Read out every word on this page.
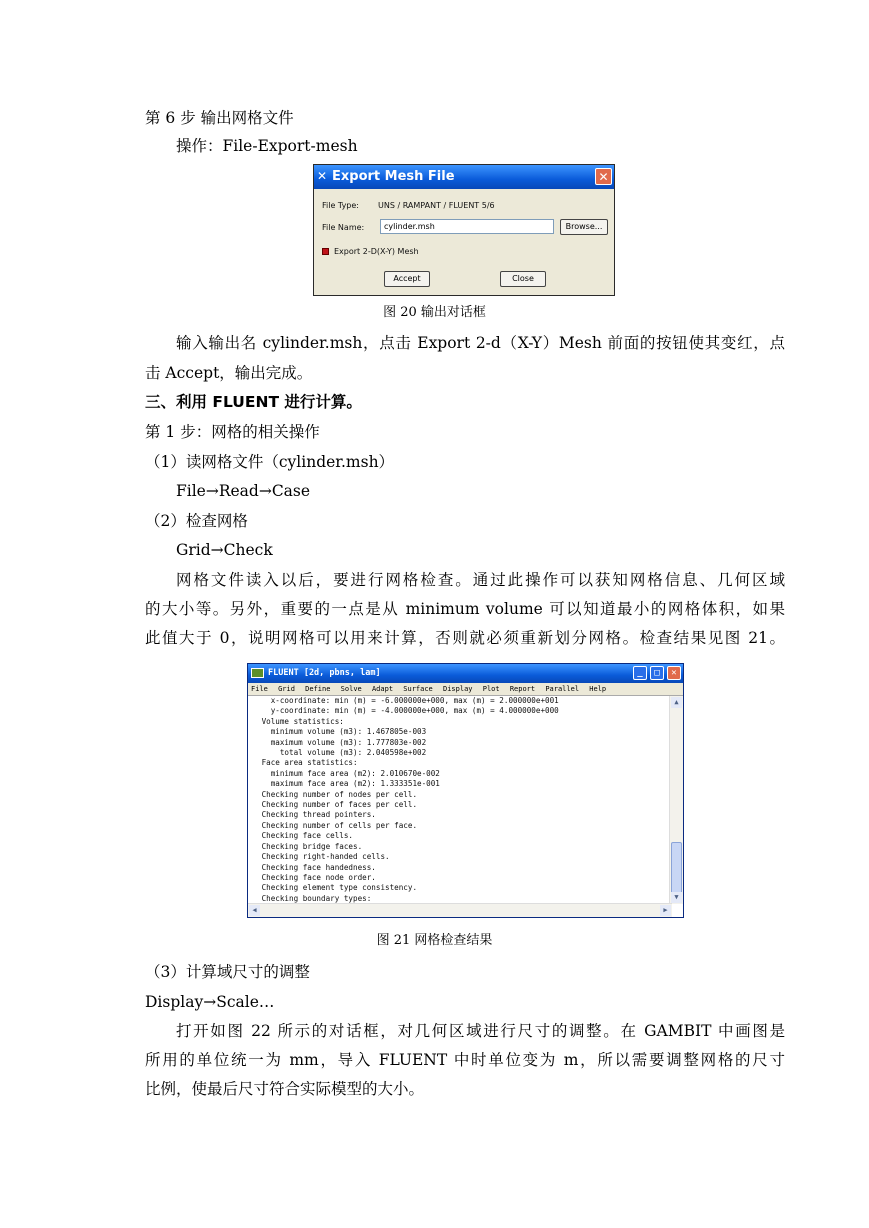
第 6 步 输出网格文件
操作：File-Export-mesh
✕ Export Mesh File	✕
File Type: UNS / RAMPANT / FLUENT 5/6
File Name:	cylinder.msh	Browse...
Export 2-D(X-Y) Mesh
Accept	Close
图 20 输出对话框
输入输出名 cylinder.msh，点击 Export 2-d（X-Y）Mesh 前面的按钮使其变红，点
击 Accept，输出完成。
三、利用 FLUENT 进行计算。
第 1 步：网格的相关操作
（1）读网格文件（cylinder.msh）
File→Read→Case
（2）检查网格
Grid→Check
网格文件读入以后，要进行网格检查。通过此操作可以获知网格信息、几何区域
的大小等。另外，重要的一点是从 minimum volume 可以知道最小的网格体积，如果
此值大于 0，说明网格可以用来计算，否则就必须重新划分网格。检查结果见图 21。
FLUENT [2d, pbns, lam]	_	□	✕
File Grid Define Solve Adapt Surface Display Plot Report Parallel Help
x-coordinate: min (m) = -6.000000e+000, max (m) = 2.000000e+001
y-coordinate: min (m) = -4.000000e+000, max (m) = 4.000000e+000
Volume statistics:
minimum volume (m3): 1.467805e-003
maximum volume (m3): 1.777803e-002
total volume (m3): 2.040598e+002
Face area statistics:
minimum face area (m2): 2.010670e-002
maximum face area (m2): 1.333351e-001
Checking number of nodes per cell.
Checking number of faces per cell.
Checking thread pointers.
Checking number of cells per face.
Checking face cells.
Checking bridge faces.
Checking right-handed cells.
Checking face handedness.
Checking face node order.
Checking element type consistency.
Checking boundary types:
▲
▼
◀	▶
图 21 网格检查结果
（3）计算域尺寸的调整
Display→Scale…
打开如图 22 所示的对话框，对几何区域进行尺寸的调整。在 GAMBIT 中画图是
所用的单位统一为 mm，导入 FLUENT 中时单位变为 m，所以需要调整网格的尺寸
比例，使最后尺寸符合实际模型的大小。
